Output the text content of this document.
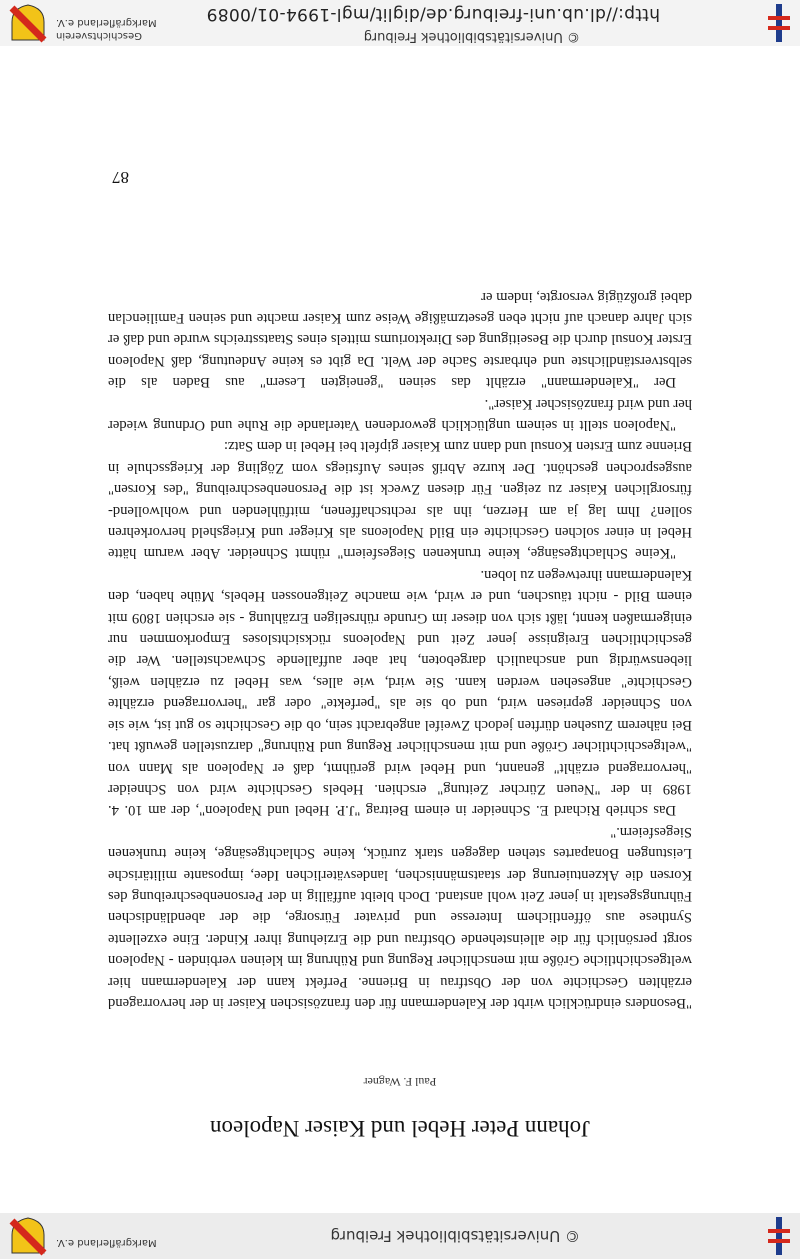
© Universitätsbibliothek Freiburg
Markgräflerland e.V.
Johann Peter Hebel und Kaiser Napoleon
Paul F. Wagner

"Besonders eindrücklich wirbt der Kalendermann für den französischen Kaiser in der hervorragend erzählten Geschichte von der Obstfrau in Brienne. Perfekt kann der Kalendermann hier weltgeschichtliche Größe mit menschlicher Regung und Rührung im kleinen verbinden - Napoleon sorgt persönlich für die alleinstehende Obstfrau und die Erziehung ihrer Kinder. Eine exzellente Synthese aus öffentlichem Interesse und privater Fürsorge, die der abendländischen Führungsgestalt in jener Zeit wohl anstand. Doch bleibt auffällig in der Personenbeschreibung des Korsen die Akzentuierung der staatsmännischen, landesväterlichen Idee, imposante militärische Leistungen Bonapartes stehen dagegen stark zurück, keine Schlachtgesänge, keine trunkenen Siegesfeiern."

Das schrieb Richard E. Schneider in einem Beitrag "J.P. Hebel und Napoleon", der am 10. 4. 1989 in der "Neuen Zürcher Zeitung" erschien. Hebels Geschichte wird von Schneider "hervorragend erzählt" genannt, und Hebel wird gerühmt, daß er Napoleon als Mann von "weltgeschichtlicher Größe und mit menschlicher Regung und Rührung" darzustellen gewußt hat. Bei näherem Zusehen dürften jedoch Zweifel angebracht sein, ob die Geschichte so gut ist, wie sie von Schneider gepriesen wird, und ob sie als "perfekte" oder gar "hervorragend erzählte Geschichte" angesehen werden kann. Sie wird, wie alles, was Hebel zu erzählen weiß, liebenswürdig und anschaulich dargeboten, hat aber auffallende Schwachstellen. Wer die geschichtlichen Ereignisse jener Zeit und Napoleons rücksichtsloses Emporkommen nur einigermaßen kennt, läßt sich von dieser im Grunde rührseligen Erzählung - sie erschien 1809 mit einem Bild - nicht täuschen, und er wird, wie manche Zeitgenossen Hebels, Mühe haben, den Kalendermann ihretwegen zu loben.

"Keine Schlachtgesänge, keine trunkenen Siegesfeiern" rühmt Schneider. Aber warum hätte Hebel in einer solchen Geschichte ein Bild Napoleons als Krieger und Kriegsheld hervorkehren sollen? Ihm lag ja am Herzen, ihn als rechtschaffenen, mitfühlenden und wohlwollend-fürsorglichen Kaiser zu zeigen. Für diesen Zweck ist die Personenbeschreibung "des Korsen" ausgesprochen geschönt. Der kurze Abriß seines Aufstiegs vom Zögling der Kriegsschule in Brienne zum Ersten Konsul und dann zum Kaiser gipfelt bei Hebel in dem Satz:

"Napoleon stellt in seinem unglücklich gewordenen Vaterlande die Ruhe und Ordnung wieder her und wird französischer Kaiser".

Der "Kalendermann" erzählt das seinen "geneigten Lesern" aus Baden als die selbstverständlichste und ehrbarste Sache der Welt. Da gibt es keine Andeutung, daß Napoleon Erster Konsul durch die Beseitigung des Direktoriums mittels eines Staatsstreichs wurde und daß er sich Jahre danach auf nicht eben gesetzmäßige Weise zum Kaiser machte und seinen Familienclan dabei großzügig versorgte, indem er

87
© Universitätsbibliothek Freiburg
http://dl.ub.uni-freiburg.de/diglit/mgl-1994-01/0089
Geschichtsverein
Markgräflerland e.V.
